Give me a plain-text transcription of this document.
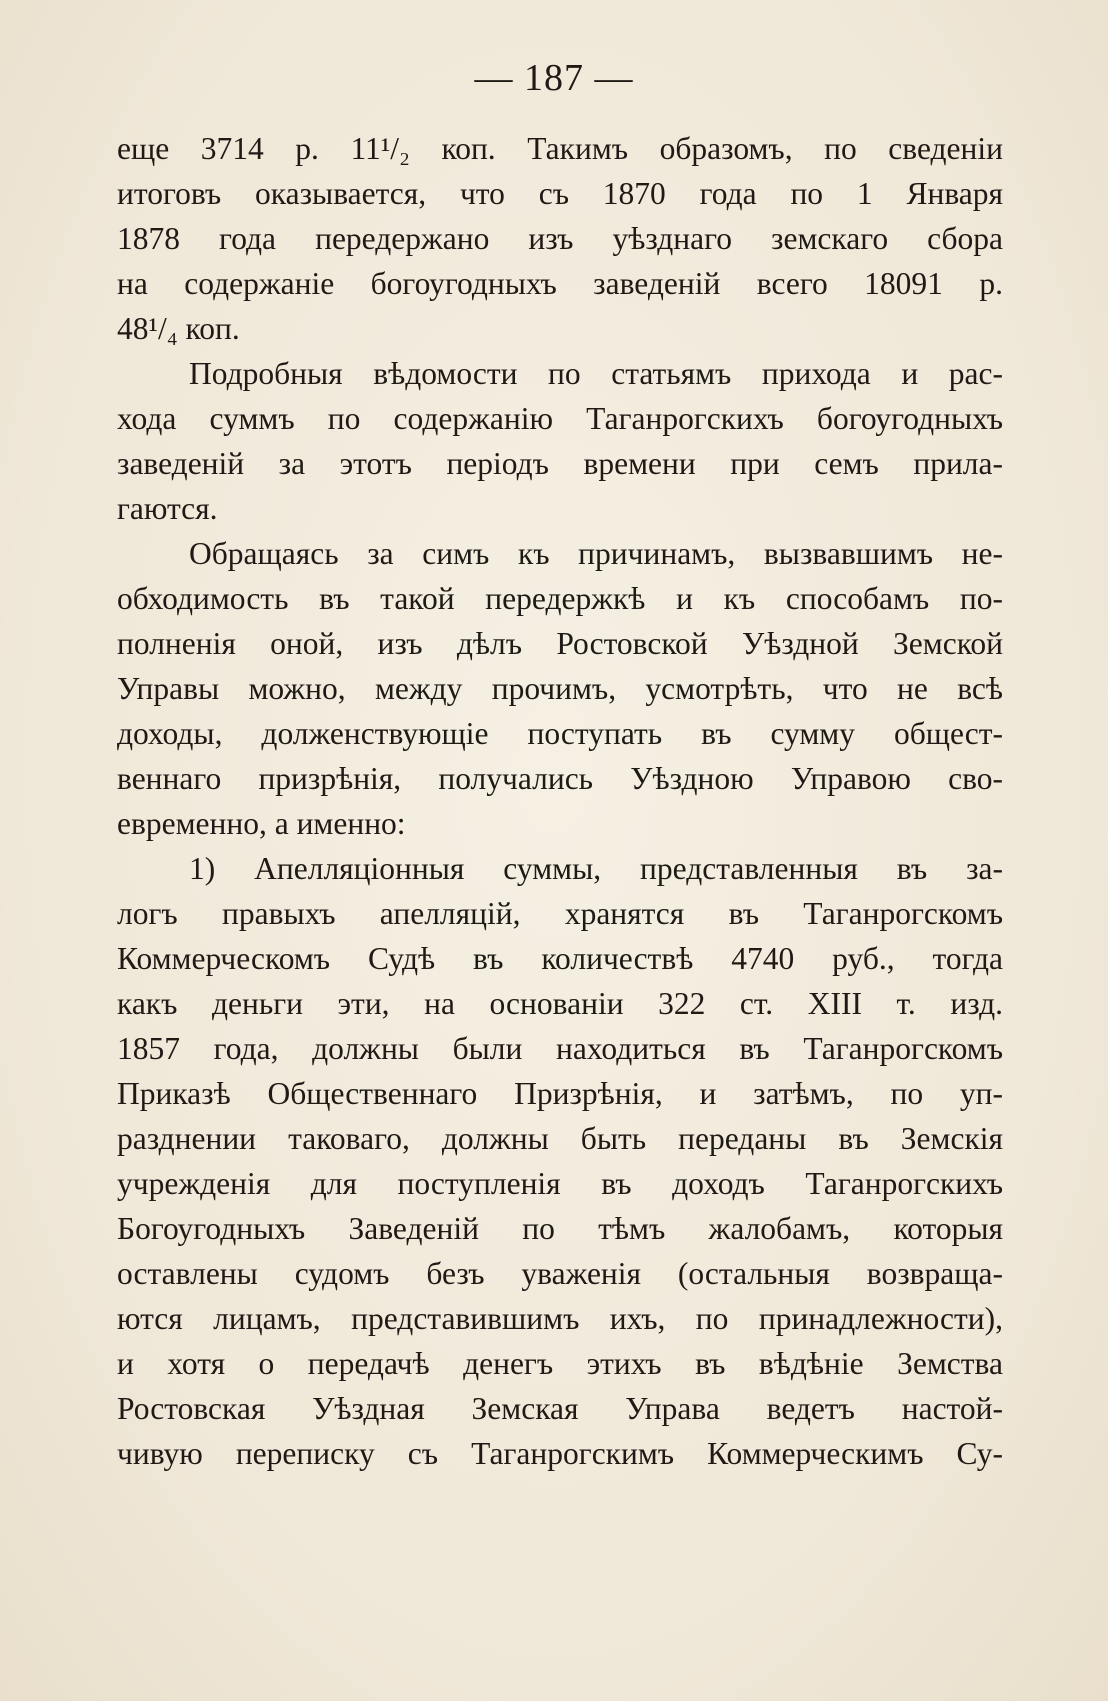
— 187 —
еще 3714 р. 11¹/₂ коп. Такимъ образомъ, по сведеніи
итоговъ оказывается, что съ 1870 года по 1 Января
1878 года передержано изъ уѣзднаго земскаго сбора
на содержаніе богоугодныхъ заведеній всего 18091 р.
48¹/₄ коп.
Подробныя вѣдомости по статьямъ прихода и рас-
хода суммъ по содержанію Таганрогскихъ богоугодныхъ
заведеній за этотъ періодъ времени при семъ прила-
гаются.
Обращаясь за симъ къ причинамъ, вызвавшимъ не-
обходимость въ такой передержкѣ и къ способамъ по-
полненія оной, изъ дѣлъ Ростовской Уѣздной Земской
Управы можно, между прочимъ, усмотрѣть, что не всѣ
доходы, долженствующіе поступать въ сумму общест-
веннаго призрѣнія, получались Уѣздною Управою сво-
евременно, а именно:
1) Апелляціонныя суммы, представленныя въ за-
логъ правыхъ апелляцій, хранятся въ Таганрогскомъ
Коммерческомъ Судѣ въ количествѣ 4740 руб., тогда
какъ деньги эти, на основаніи 322 ст. XIII т. изд.
1857 года, должны были находиться въ Таганрогскомъ
Приказѣ Общественнаго Призрѣнія, и затѣмъ, по уп-
разднении таковаго, должны быть переданы въ Земскія
учрежденія для поступленія въ доходъ Таганрогскихъ
Богоугодныхъ Заведеній по тѣмъ жалобамъ, которыя
оставлены судомъ безъ уваженія (остальныя возвраща-
ются лицамъ, представившимъ ихъ, по принадлежности),
и хотя о передачѣ денегъ этихъ въ вѣдѣніе Земства
Ростовская Уѣздная Земская Управа ведетъ настой-
чивую переписку съ Таганрогскимъ Коммерческимъ Су-
